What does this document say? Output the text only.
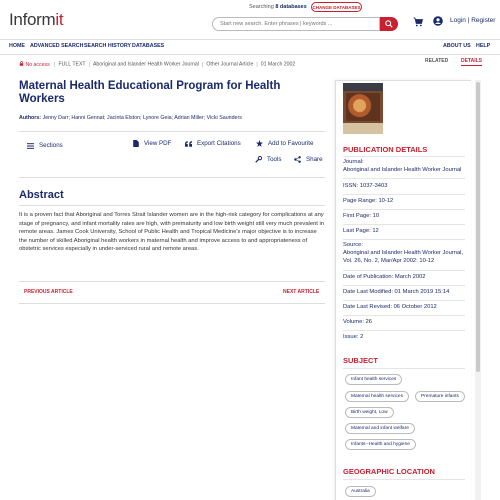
Informit
Searching 8 databases	CHANGE DATABASES
Start new search. Enter phrases | keywords ...
Login | Register
HOME ADVANCED SEARCH SEARCH HISTORY DATABASES	ABOUT US HELP
No access | FULL TEXT | Aboriginal and Islander Health Worker Journal | Other Journal Article | 01 March 2002
Maternal Health Educational Program for Health Workers
Authors: Jenny Darr; Hanni Gennat; Jacinta Elston; Lynore Geia; Adrian Miller; Vicki Saunders
Sections	View PDF	Export Citations	Add to Favourite
Tools	Share
Abstract
It is a proven fact that Aboriginal and Torres Strait Islander women are in the high-risk category for complications at any stage of pregnancy, and infant mortality rates are high, with prematurity and low birth weight still very much prevalent in remote areas. James Cook University, School of Public Health and Tropical Medicine's major objective is to increase the number of skilled Aboriginal health workers in maternal health and improve access to and appropriateness of obstetric services especially in under-serviced rural and remote areas.
PREVIOUS ARTICLE	NEXT ARTICLE
RELATED	DETAILS
PUBLICATION DETAILS
Journal:
Aboriginal and Islander Health Worker Journal
ISSN: 1037-3403
Page Range: 10-12
First Page: 10
Last Page: 12
Source:
Aboriginal and Islander Health Worker Journal, Vol. 26, No. 2, Mar/Apr 2002: 10-12
Date of Publication: March 2002
Date Last Modified: 01 March 2019 15:14
Date Last Revised: 06 October 2012
Volume: 26
Issue: 2
SUBJECT
Infant health services
Maternal health services	Premature infants
Birth weight, Low
Maternal and infant welfare
Infants--Health and hygiene
GEOGRAPHIC LOCATION
Australia
